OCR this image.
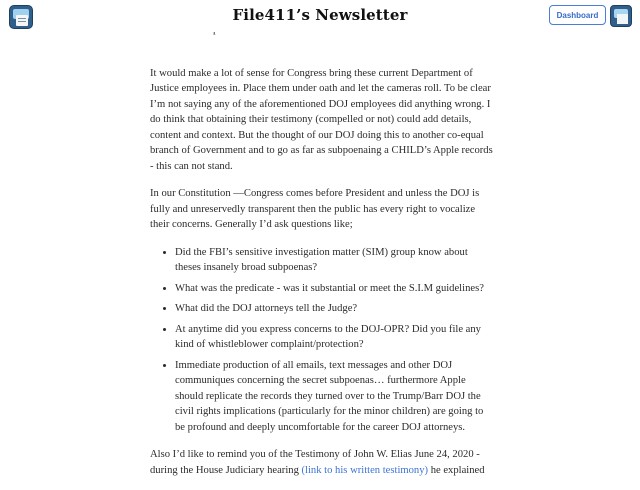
File411’s Newsletter	Dashboard

It would make a lot of sense for Congress bring these current Department of Justice employees in. Place them under oath and let the cameras roll. To be clear I’m not saying any of the aforementioned DOJ employees did anything wrong. I do think that obtaining their testimony (compelled or not) could add details, content and context. But the thought of our DOJ doing this to another co-equal branch of Government and to go as far as subpoenaing a CHILD’s Apple records - this can not stand.

In our Constitution —Congress comes before President and unless the DOJ is fully and unreservedly transparent then the public has every right to vocalize their concerns. Generally I’d ask questions like;

• Did the FBI’s sensitive investigation matter (SIM) group know about theses insanely broad subpoenas?
• What was the predicate - was it substantial or meet the S.I.M guidelines?
• What did the DOJ attorneys tell the Judge?
• At anytime did you express concerns to the DOJ-OPR? Did you file any kind of whistleblower complaint/protection?
• Immediate production of all emails, text messages and other DOJ communiques concerning the secret subpoenas… furthermore Apple should replicate the records they turned over to the Trump/Barr DOJ the civil rights implications (particularly for the minor children) are going to be profound and deeply uncomfortable for the career DOJ attorneys.

Also I’d like to remind you of the Testimony of John W. Elias June 24, 2020 - during the House Judiciary hearing (link to his written testimony) he explained
